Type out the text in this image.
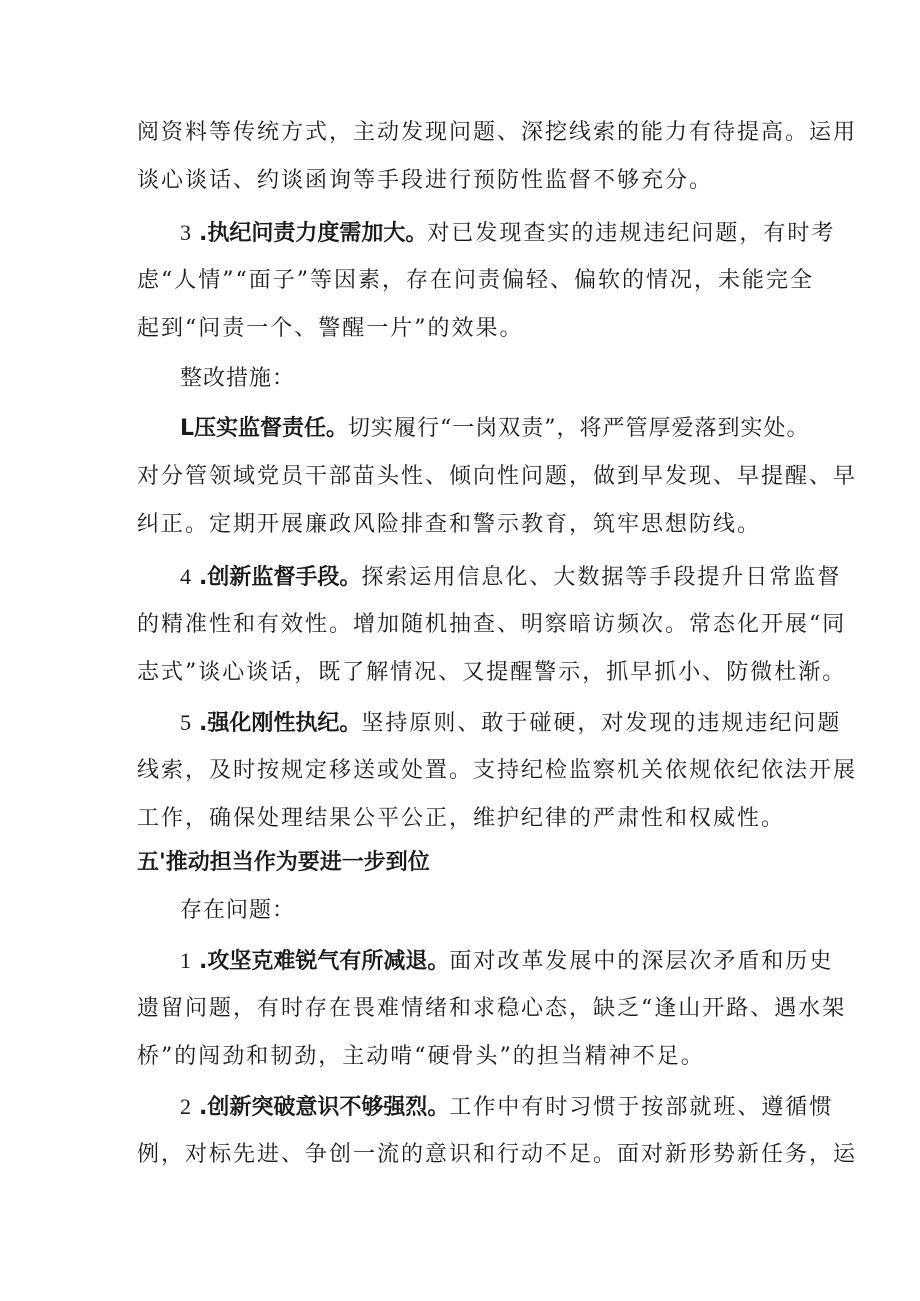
阅资料等传统方式，主动发现问题、深挖线索的能力有待提高。运用
谈心谈话、约谈函询等手段进行预防性监督不够充分。
3 .执纪问责力度需加大。对已发现查实的违规违纪问题，有时考
虑“人情”“面子”等因素，存在问责偏轻、偏软的情况，未能完全
起到“问责一个、警醒一片”的效果。
整改措施：
L压实监督责任。切实履行“一岗双责”，将严管厚爱落到实处。
对分管领域党员干部苗头性、倾向性问题，做到早发现、早提醒、早
纠正。定期开展廉政风险排查和警示教育，筑牢思想防线。
4 .创新监督手段。探索运用信息化、大数据等手段提升日常监督
的精准性和有效性。增加随机抽查、明察暗访频次。常态化开展“同
志式”谈心谈话，既了解情况、又提醒警示，抓早抓小、防微杜渐。
5 .强化刚性执纪。坚持原则、敢于碰硬，对发现的违规违纪问题
线索，及时按规定移送或处置。支持纪检监察机关依规依纪依法开展
工作，确保处理结果公平公正，维护纪律的严肃性和权威性。
五'推动担当作为要进一步到位
存在问题：
1 .攻坚克难锐气有所减退。面对改革发展中的深层次矛盾和历史
遗留问题，有时存在畏难情绪和求稳心态，缺乏“逢山开路、遇水架
桥”的闯劲和韧劲，主动啃“硬骨头”的担当精神不足。
2 .创新突破意识不够强烈。工作中有时习惯于按部就班、遵循惯
例，对标先进、争创一流的意识和行动不足。面对新形势新任务，运
